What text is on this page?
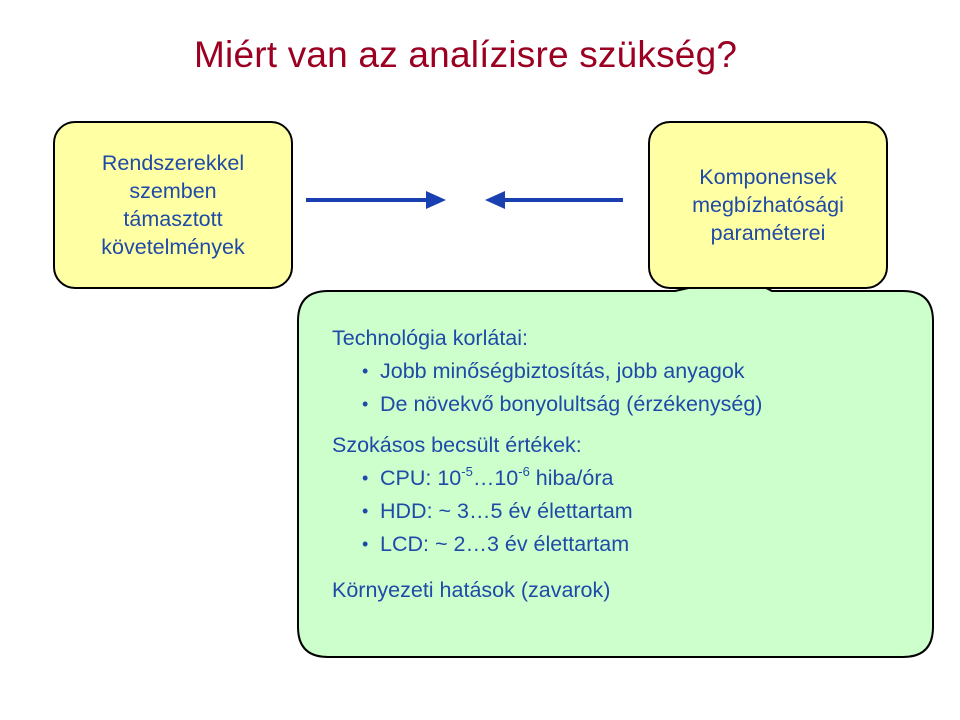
Miért van az analízisre szükség?
Rendszerekkel
szemben
támasztott
követelmények
Komponensek
megbízhatósági
paraméterei
Technológia korlátai:
• Jobb minőségbiztosítás, jobb anyagok
• De növekvő bonyolultság (érzékenység)
Szokásos becsült értékek:
• CPU: $10^{-5}\dots 10^{-6}$ hiba/óra
• HDD: ~ 3…5 év élettartam
• LCD: ~ 2…3 év élettartam
Környezeti hatások (zavarok)
